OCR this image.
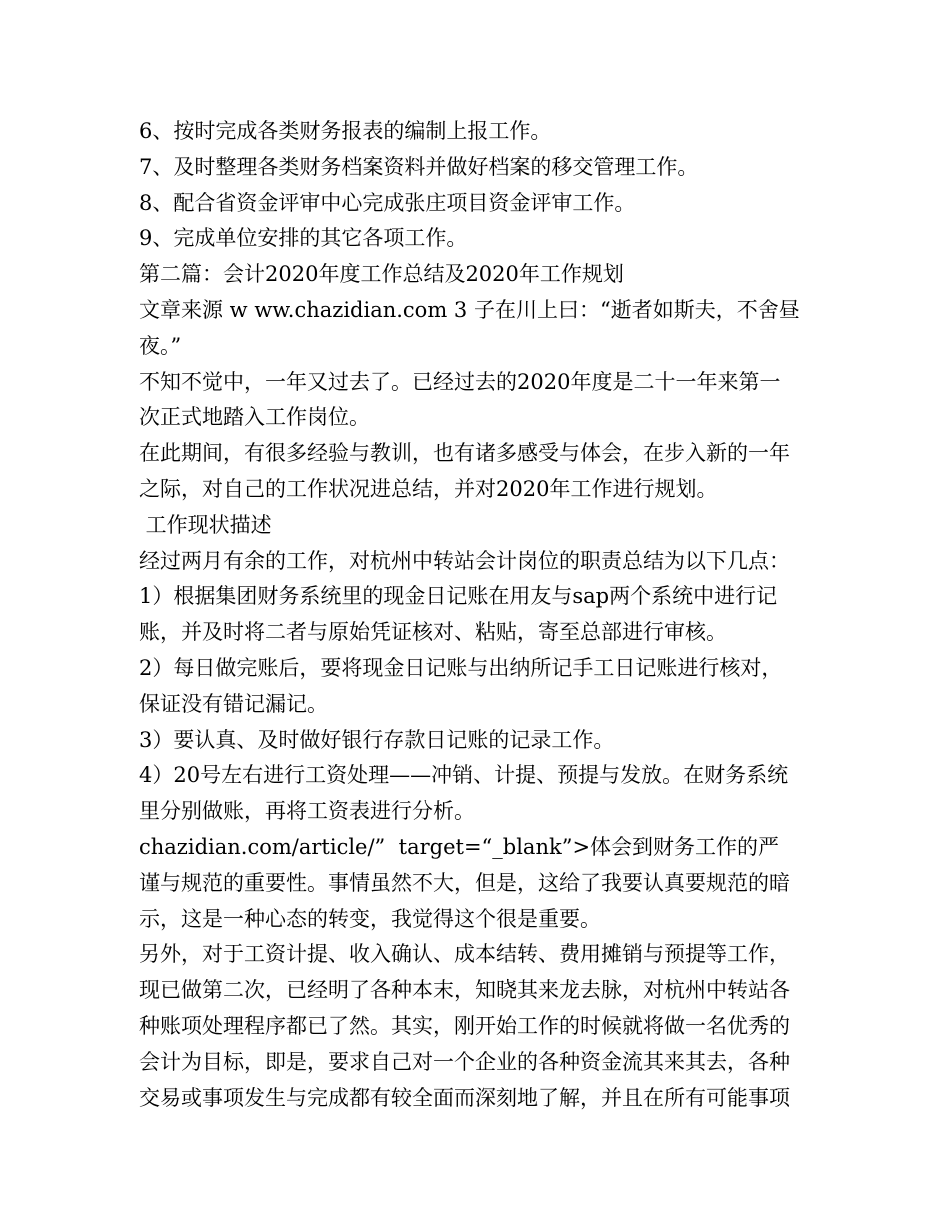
6、按时完成各类财务报表的编制上报工作。
7、及时整理各类财务档案资料并做好档案的移交管理工作。
8、配合省资金评审中心完成张庄项目资金评审工作。
9、完成单位安排的其它各项工作。
第二篇：会计2020年度工作总结及2020年工作规划
文章来源 w ww.chazidian.com 3 子在川上曰：“逝者如斯夫，不舍昼
夜。”
不知不觉中，一年又过去了。已经过去的2020年度是二十一年来第一
次正式地踏入工作岗位。
在此期间，有很多经验与教训，也有诸多感受与体会，在步入新的一年
之际，对自己的工作状况进总结，并对2020年工作进行规划。
工作现状描述
经过两月有余的工作，对杭州中转站会计岗位的职责总结为以下几点：
1）根据集团财务系统里的现金日记账在用友与sap两个系统中进行记
账，并及时将二者与原始凭证核对、粘贴，寄至总部进行审核。
2）每日做完账后，要将现金日记账与出纳所记手工日记账进行核对，
保证没有错记漏记。
3）要认真、及时做好银行存款日记账的记录工作。
4）20号左右进行工资处理——冲销、计提、预提与发放。在财务系统
里分别做账，再将工资表进行分析。
chazidian.com/article/”  target=“_blank”>体会到财务工作的严
谨与规范的重要性。事情虽然不大，但是，这给了我要认真要规范的暗
示，这是一种心态的转变，我觉得这个很是重要。
另外，对于工资计提、收入确认、成本结转、费用摊销与预提等工作，
现已做第二次，已经明了各种本末，知晓其来龙去脉，对杭州中转站各
种账项处理程序都已了然。其实，刚开始工作的时候就将做一名优秀的
会计为目标，即是，要求自己对一个企业的各种资金流其来其去，各种
交易或事项发生与完成都有较全面而深刻地了解，并且在所有可能事项
